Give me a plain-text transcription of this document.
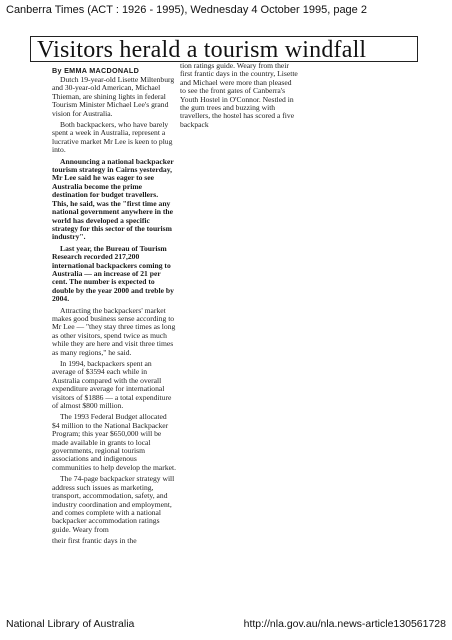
Canberra Times (ACT : 1926 - 1995), Wednesday 4 October 1995, page 2
Visitors herald a tourism windfall
By EMMA MACDONALD

Dutch 19-year-old Lisette Miltenburg and 30-year-old American, Michael Thieman, are shining lights in federal Tourism Minister Michael Lee's grand vision for Australia.

Both backpackers, who have barely spent a week in Australia, represent a lucrative market Mr Lee is keen to plug into.

Announcing a national backpacker tourism strategy in Cairns yesterday, Mr Lee said he was eager to see Australia become the prime destination for budget travellers. This, he said, was the "first time any national government anywhere in the world has developed a specific strategy for this sector of the tourism industry".

Last year, the Bureau of Tourism Research recorded 217,200 international backpackers coming to Australia — an increase of 21 per cent. The number is expected to double by the year 2000 and treble by 2004.

Attracting the backpackers' market makes good business sense according to Mr Lee — "they stay three times as long as other visitors, spend twice as much while they are here and visit three times as many regions," he said.

In 1994, backpackers spent an average of $3594 each while in Australia compared with the overall expenditure average for international visitors of $1886 — a total expenditure of almost $800 million.

The 1993 Federal Budget allocated $4 million to the National Backpacker Program; this year $650,000 will be made available in grants to local governments, regional tourism associations and indigenous communities to help develop the market.

The 74-page backpacker strategy will address such issues as marketing, transport, accommodation, safety, and industry coordination and employment, and comes complete with a national backpacker accommodation ratings guide. Weary from

their first frantic days in the

tion ratings guide. Weary from their first frantic days in the country, Lisette and Michael were more than pleased to see the front gates of Canberra's Youth Hostel in O'Connor. Nestled in the gum trees and buzzing with travellers, the hostel has scored a five backpack

National Library of Australia	http://nla.gov.au/nla.news-article130561728
